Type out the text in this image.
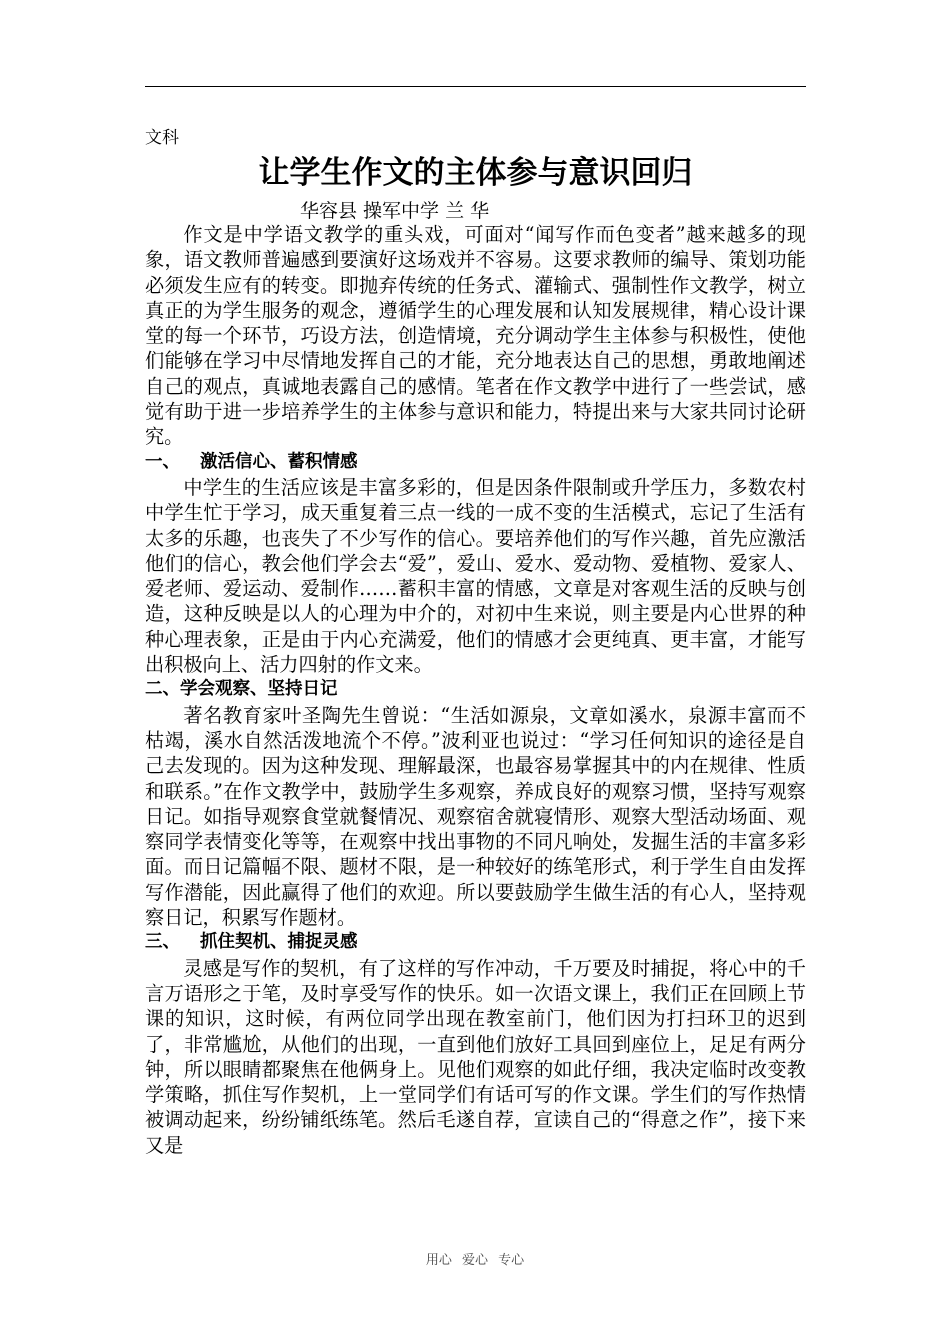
文科
让学生作文的主体参与意识回归
华容县 操军中学 兰 华

作文是中学语文教学的重头戏，可面对“闻写作而色变者”越来越多的现象，语文教师普遍感到要演好这场戏并不容易。这要求教师的编导、策划功能必须发生应有的转变。即抛弃传统的任务式、灌输式、强制性作文教学，树立真正的为学生服务的观念，遵循学生的心理发展和认知发展规律，精心设计课堂的每一个环节，巧设方法，创造情境，充分调动学生主体参与积极性，使他们能够在学习中尽情地发挥自己的才能，充分地表达自己的思想，勇敢地阐述自己的观点，真诚地表露自己的感情。笔者在作文教学中进行了一些尝试，感觉有助于进一步培养学生的主体参与意识和能力，特提出来与大家共同讨论研究。

一、 激活信心、蓄积情感

中学生的生活应该是丰富多彩的，但是因条件限制或升学压力，多数农村中学生忙于学习，成天重复着三点一线的一成不变的生活模式，忘记了生活有太多的乐趣，也丧失了不少写作的信心。要培养他们的写作兴趣，首先应激活他们的信心，教会他们学会去“爱”，爱山、爱水、爱动物、爱植物、爱家人、爱老师、爱运动、爱制作……蓄积丰富的情感，文章是对客观生活的反映与创造，这种反映是以人的心理为中介的，对初中生来说，则主要是内心世界的种种心理表象，正是由于内心充满爱，他们的情感才会更纯真、更丰富，才能写出积极向上、活力四射的作文来。

二、学会观察、坚持日记

著名教育家叶圣陶先生曾说：“生活如源泉，文章如溪水，泉源丰富而不枯竭，溪水自然活泼地流个不停。”波利亚也说过：“学习任何知识的途径是自己去发现的。因为这种发现、理解最深，也最容易掌握其中的内在规律、性质和联系。”在作文教学中，鼓励学生多观察，养成良好的观察习惯，坚持写观察日记。如指导观察食堂就餐情况、观察宿舍就寝情形、观察大型活动场面、观察同学表情变化等等，在观察中找出事物的不同凡响处，发掘生活的丰富多彩面。而日记篇幅不限、题材不限，是一种较好的练笔形式，利于学生自由发挥写作潜能，因此赢得了他们的欢迎。所以要鼓励学生做生活的有心人，坚持观察日记，积累写作题材。

三、 抓住契机、捕捉灵感

灵感是写作的契机，有了这样的写作冲动，千万要及时捕捉，将心中的千言万语形之于笔，及时享受写作的快乐。如一次语文课上，我们正在回顾上节课的知识，这时候，有两位同学出现在教室前门，他们因为打扫环卫的迟到了，非常尴尬，从他们的出现，一直到他们放好工具回到座位上，足足有两分钟，所以眼睛都聚焦在他俩身上。见他们观察的如此仔细，我决定临时改变教学策略，抓住写作契机，上一堂同学们有话可写的作文课。学生们的写作热情被调动起来，纷纷铺纸练笔。然后毛遂自荐，宣读自己的“得意之作”，接下来又是

用心 爱心 专心
